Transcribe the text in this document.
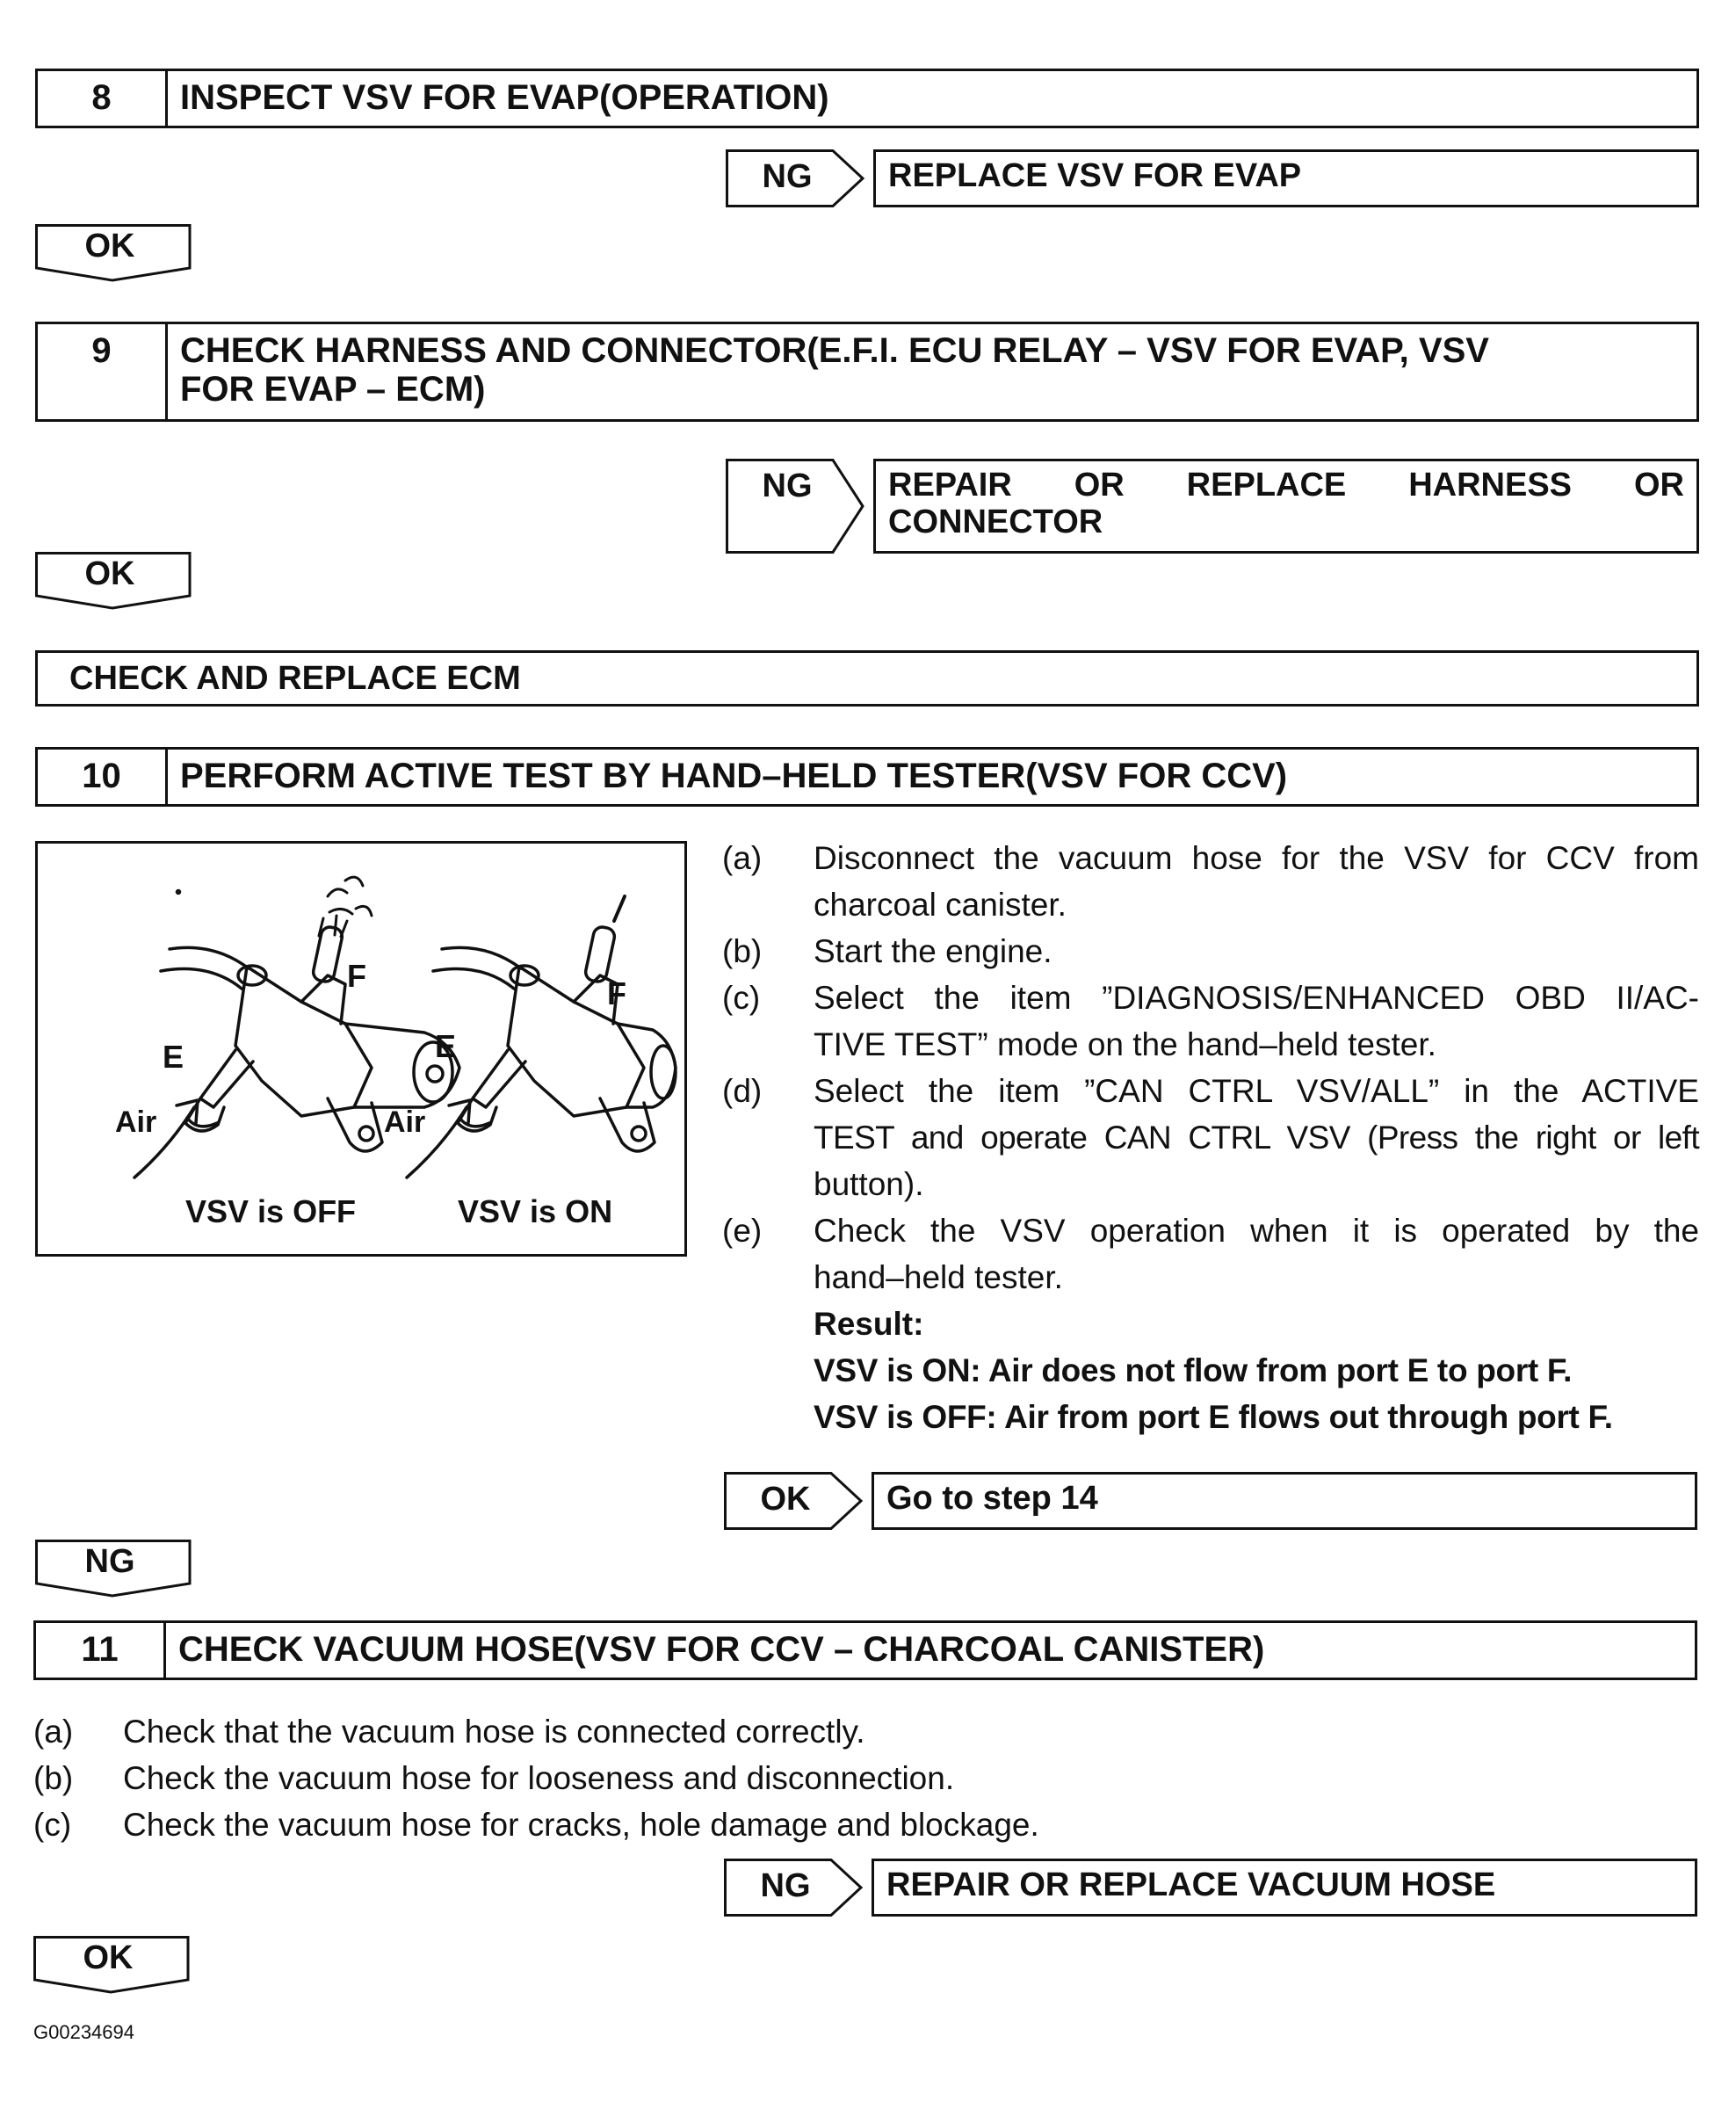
8	INSPECT VSV FOR EVAP(OPERATION)
NG	REPLACE VSV FOR EVAP
OK
9	CHECK HARNESS AND CONNECTOR(E.F.I. ECU RELAY – VSV FOR EVAP, VSV
FOR EVAP – ECM)
NG	REPAIR OR REPLACE HARNESS OR
CONNECTOR
OK
CHECK AND REPLACE ECM
10	PERFORM ACTIVE TEST BY HAND–HELD TESTER(VSV FOR CCV)
F
E
Air
F
E
Air
VSV is OFF	VSV is ON
(a)	Disconnect the vacuum hose for the VSV for CCV from
charcoal canister.
(b)	Start the engine.
(c)	Select the item ”DIAGNOSIS/ENHANCED OBD II/AC-
TIVE TEST” mode on the hand–held tester.
(d)	Select the item ”CAN CTRL VSV/ALL” in the ACTIVE
TEST and operate CAN CTRL VSV (Press the right or left
button).
(e)	Check the VSV operation when it is operated by the
hand–held tester.
Result:
VSV is ON: Air does not flow from port E to port F.
VSV is OFF: Air from port E flows out through port F.
OK	Go to step 14
NG
11	CHECK VACUUM HOSE(VSV FOR CCV – CHARCOAL CANISTER)
(a)	Check that the vacuum hose is connected correctly.
(b)	Check the vacuum hose for looseness and disconnection.
(c)	Check the vacuum hose for cracks, hole damage and blockage.
NG	REPAIR OR REPLACE VACUUM HOSE
OK
G00234694
